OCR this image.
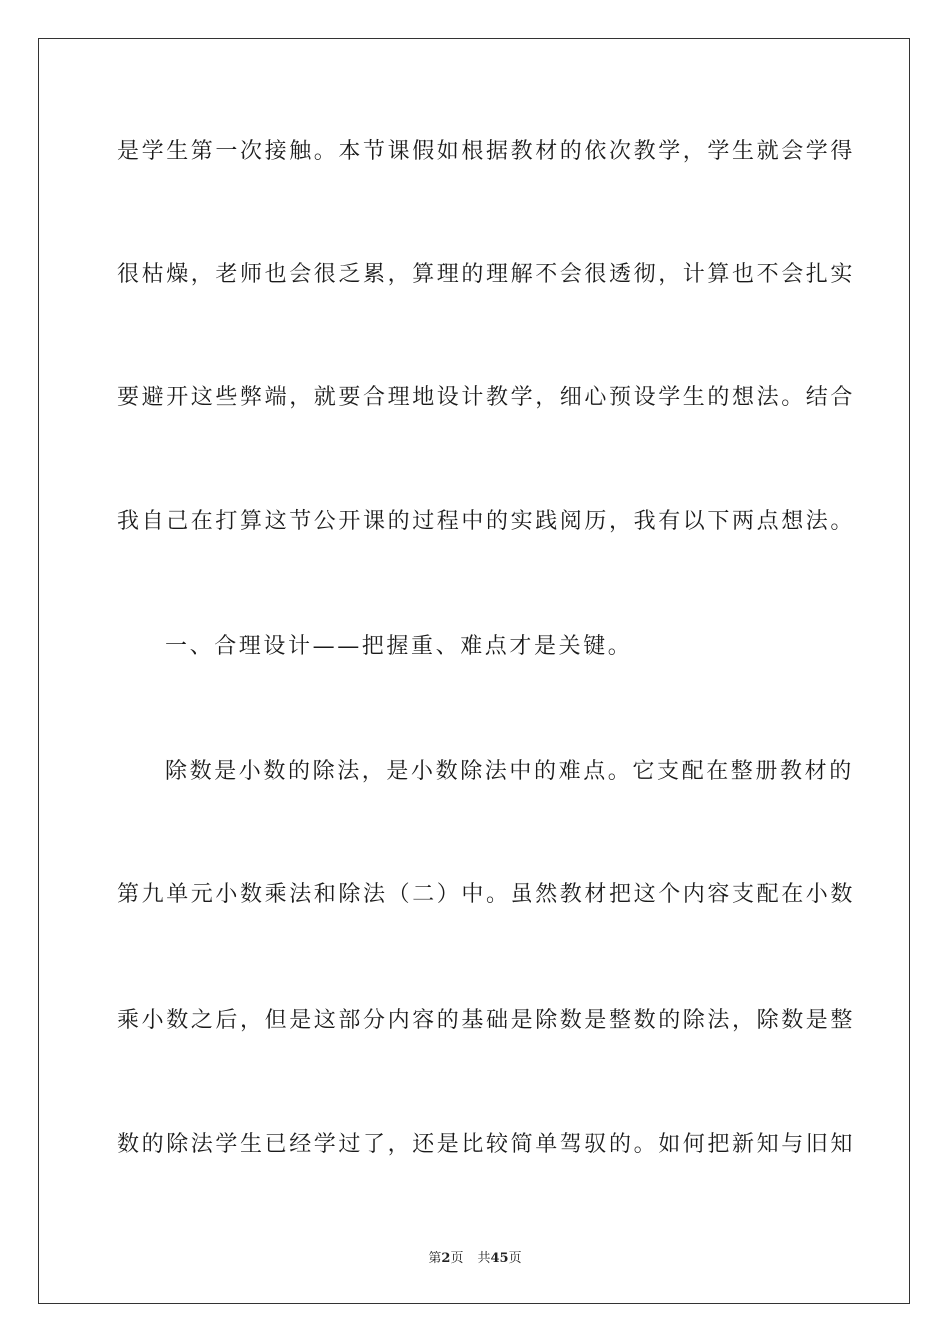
是学生第一次接触。本节课假如根据教材的依次教学，学生就会学得
很枯燥，老师也会很乏累，算理的理解不会很透彻，计算也不会扎实
要避开这些弊端，就要合理地设计教学，细心预设学生的想法。结合
我自己在打算这节公开课的过程中的实践阅历，我有以下两点想法。
一、合理设计——把握重、难点才是关键。
除数是小数的除法，是小数除法中的难点。它支配在整册教材的
第九单元小数乘法和除法（二）中。虽然教材把这个内容支配在小数
乘小数之后，但是这部分内容的基础是除数是整数的除法，除数是整
数的除法学生已经学过了，还是比较简单驾驭的。如何把新知与旧知
第2页 共45页
